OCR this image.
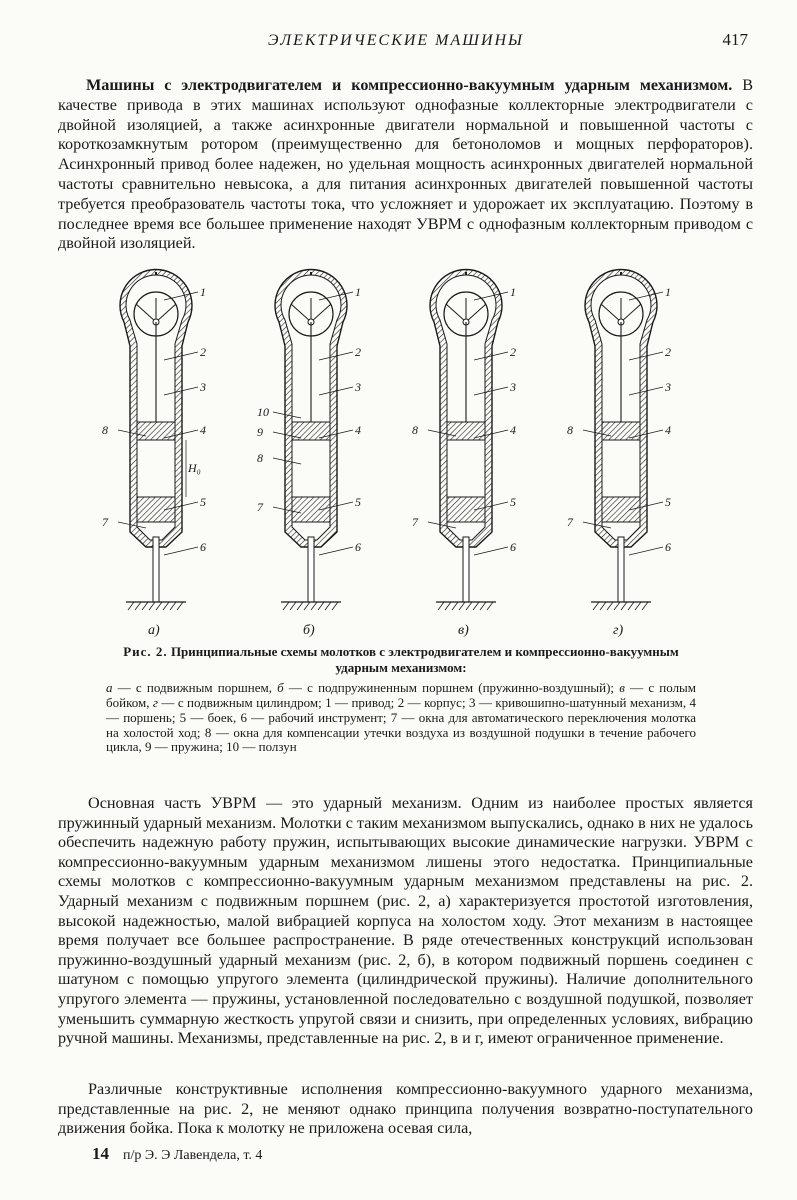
ЭЛЕКТРИЧЕСКИЕ МАШИНЫ	417

Машины с электродвигателем и компрессионно-вакуумным ударным механизмом. В качестве привода в этих машинах используют однофазные коллекторные электродвигатели с двойной изоляцией, а также асинхронные двигатели нормальной и повышенной частоты с короткозамкнутым ротором (преимущественно для бетоноломов и мощных перфораторов). Асинхронный привод более надежен, но удельная мощность асинхронных двигателей нормальной частоты сравнительно невысока, а для питания асинхронных двигателей повышенной частоты требуется преобразователь частоты тока, что усложняет и удорожает их эксплуатацию. Поэтому в последнее время все большее применение находят УВРМ с однофазным коллекторным приводом с двойной изоляцией.

1
2
3
4
5
6
8
7
H₀
а)
1
2
3
4
5
6
10
9
8
7
б)
1
2
3
4
5
6
8
7
в)
1
2
3
4
5
6
8
7
г)

Рис. 2. Принципиальные схемы молотков с электродвигателем и компрессионно-вакуумным ударным механизмом:

а — с подвижным поршнем, б — с подпружиненным поршнем (пружинно-воздушный); в — с полым бойком, г — с подвижным цилиндром; 1 — привод; 2 — корпус; 3 — кривошипно-шатунный механизм, 4 — поршень; 5 — боек, 6 — рабочий инструмент; 7 — окна для автоматического переключения молотка на холостой ход; 8 — окна для компенсации утечки воздуха из воздушной подушки в течение рабочего цикла, 9 — пружина; 10 — ползун

Основная часть УВРМ — это ударный механизм. Одним из наиболее простых является пружинный ударный механизм. Молотки с таким механизмом выпускались, однако в них не удалось обеспечить надежную работу пружин, испытывающих высокие динамические нагрузки. УВРМ с компрессионно-вакуумным ударным механизмом лишены этого недостатка. Принципиальные схемы молотков с компрессионно-вакуумным ударным механизмом представлены на рис. 2. Ударный механизм с подвижным поршнем (рис. 2, а) характеризуется простотой изготовления, высокой надежностью, малой вибрацией корпуса на холостом ходу. Этот механизм в настоящее время получает все большее распространение. В ряде отечественных конструкций использован пружинно-воздушный ударный механизм (рис. 2, б), в котором подвижный поршень соединен с шатуном с помощью упругого элемента (цилиндрической пружины). Наличие дополнительного упругого элемента — пружины, установленной последовательно с воздушной подушкой, позволяет уменьшить суммарную жесткость упругой связи и снизить, при определенных условиях, вибрацию ручной машины. Механизмы, представленные на рис. 2, в и г, имеют ограниченное применение.

Различные конструктивные исполнения компрессионно-вакуумного ударного механизма, представленные на рис. 2, не меняют однако принципа получения возвратно-поступательного движения бойка. Пока к молотку не приложена осевая сила,

14 п/р Э. Э Лавендела, т. 4
